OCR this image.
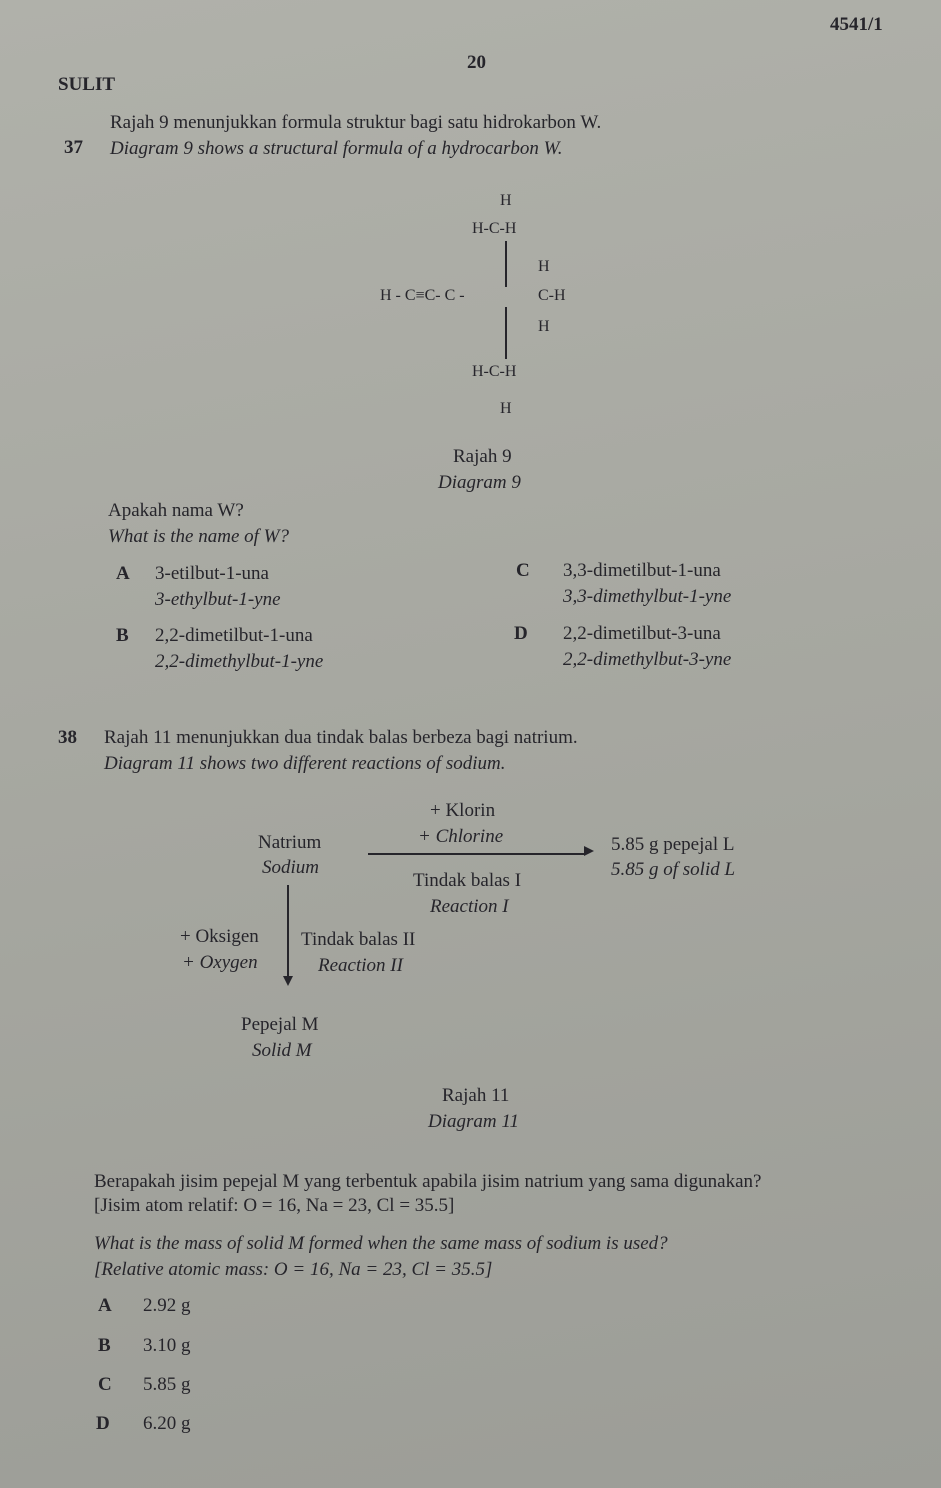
4541/1
20
SULIT
37
Rajah 9 menunjukkan formula struktur bagi satu hidrokarbon W.
Diagram 9 shows a structural formula of a hydrocarbon W.
H
H-C-H
H - C≡C- C -
H
C-H
H
H-C-H
H
Rajah 9
Diagram 9
Apakah nama W?
What is the name of W?
A 3-etilbut-1-una
3-ethylbut-1-yne
B 2,2-dimetilbut-1-una
2,2-dimethylbut-1-yne
C 3,3-dimetilbut-1-una
3,3-dimethylbut-1-yne
D 2,2-dimetilbut-3-una
2,2-dimethylbut-3-yne
38 Rajah 11 menunjukkan dua tindak balas berbeza bagi natrium.
Diagram 11 shows two different reactions of sodium.
+ Klorin
+ Chlorine
Natrium
Sodium
5.85 g pepejal L
5.85 g of solid L
Tindak balas I
Reaction I
+ Oksigen
+ Oxygen
Tindak balas II
Reaction II
Pepejal M
Solid M
Rajah 11
Diagram 11
Berapakah jisim pepejal M yang terbentuk apabila jisim natrium yang sama digunakan?
[Jisim atom relatif: O = 16, Na = 23, Cl = 35.5]
What is the mass of solid M formed when the same mass of sodium is used?
[Relative atomic mass: O = 16, Na = 23, Cl = 35.5]
A 2.92 g
B 3.10 g
C 5.85 g
D 6.20 g
